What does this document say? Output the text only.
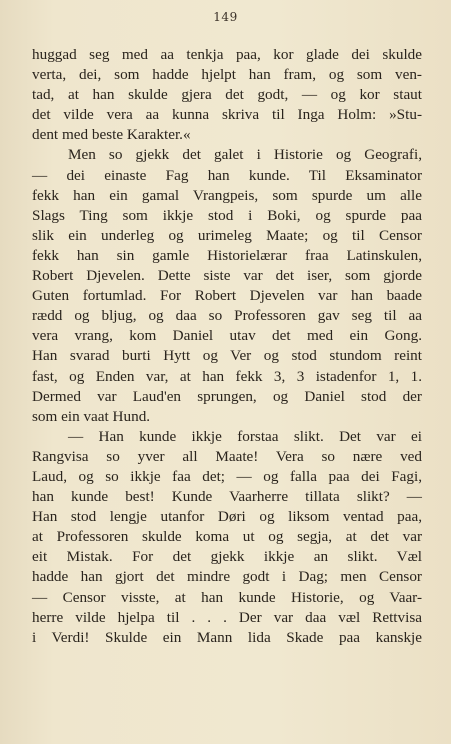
149
huggad seg med aa tenkja paa, kor glade dei skulde
verta, dei, som hadde hjelpt han fram, og som ven-
tad, at han skulde gjera det godt, — og kor staut
det vilde vera aa kunna skriva til Inga Holm: »Stu-
dent med beste Karakter.«
Men so gjekk det galet i Historie og Geografi,
— dei einaste Fag han kunde. Til Eksaminator
fekk han ein gamal Vrangpeis, som spurde um alle
Slags Ting som ikkje stod i Boki, og spurde paa
slik ein underleg og urimeleg Maate; og til Censor
fekk han sin gamle Historielærar fraa Latinskulen,
Robert Djevelen. Dette siste var det iser, som gjorde
Guten fortumlad. For Robert Djevelen var han baade
rædd og bljug, og daa so Professoren gav seg til aa
vera vrang, kom Daniel utav det med ein Gong.
Han svarad burti Hytt og Ver og stod stundom reint
fast, og Enden var, at han fekk 3, 3 istadenfor 1, 1.
Dermed var Laud'en sprungen, og Daniel stod der
som ein vaat Hund.
— Han kunde ikkje forstaa slikt. Det var ei
Rangvisa so yver all Maate! Vera so nære ved
Laud, og so ikkje faa det; — og falla paa dei Fagi,
han kunde best! Kunde Vaarherre tillata slikt? —
Han stod lengje utanfor Døri og liksom ventad paa,
at Professoren skulde koma ut og segja, at det var
eit Mistak. For det gjekk ikkje an slikt. Væl
hadde han gjort det mindre godt i Dag; men Censor
— Censor visste, at han kunde Historie, og Vaar-
herre vilde hjelpa til . . . Der var daa væl Rettvisa
i Verdi! Skulde ein Mann lida Skade paa kanskje
